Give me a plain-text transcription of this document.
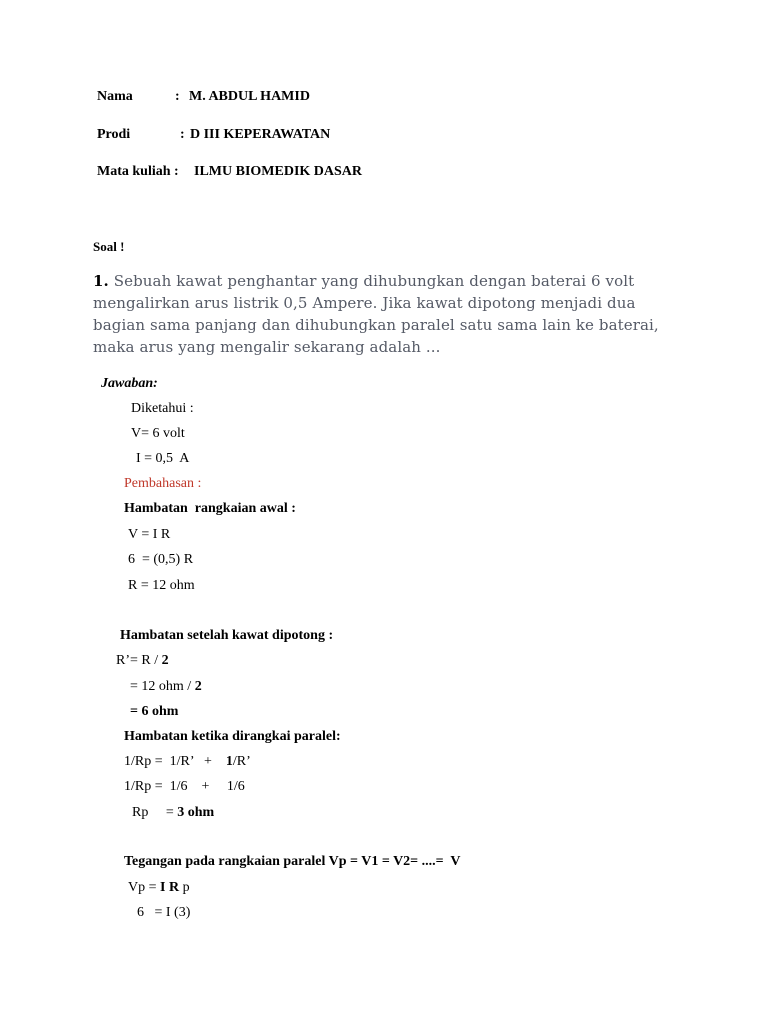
Nama	: M. ABDUL HAMID
Prodi	: D III KEPERAWATAN
Mata kuliah : ILMU BIOMEDIK DASAR
Soal !
1. Sebuah kawat penghantar yang dihubungkan dengan baterai 6 volt mengalirkan arus listrik 0,5 Ampere. Jika kawat dipotong menjadi dua bagian sama panjang dan dihubungkan paralel satu sama lain ke baterai, maka arus yang mengalir sekarang adalah ...
Jawaban:
Diketahui :
V= 6 volt
I = 0,5  A
Pembahasan :
Hambatan  rangkaian awal :
V = I R
6  = (0,5) R
R = 12 ohm
Hambatan setelah kawat dipotong :
R’= R / 2
= 12 ohm / 2
= 6 ohm
Hambatan ketika dirangkai paralel:
1/Rp =  1/R’   +    1/R’
1/Rp =  1/6    +     1/6
Rp     = 3 ohm
Tegangan pada rangkaian paralel Vp = V1 = V2= ....=  V
Vp = I R p
6   = I (3)
